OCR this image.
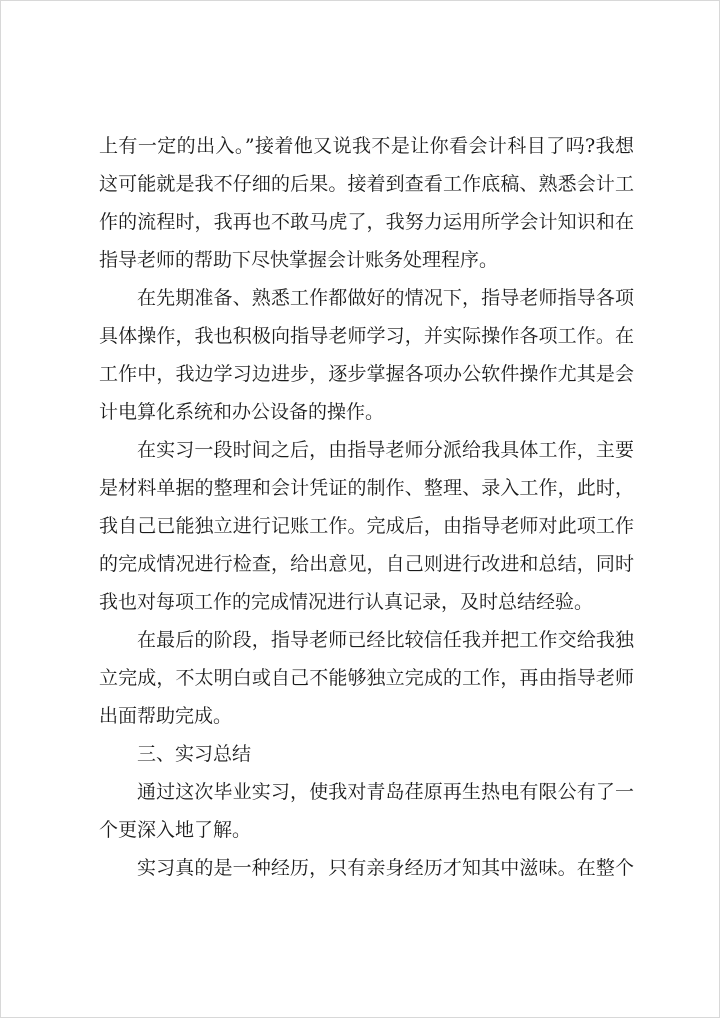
上有一定的出入。”接着他又说我不是让你看会计科目了吗?我想
这可能就是我不仔细的后果。接着到查看工作底稿、熟悉会计工
作的流程时，我再也不敢马虎了，我努力运用所学会计知识和在
指导老师的帮助下尽快掌握会计账务处理程序。
在先期准备、熟悉工作都做好的情况下，指导老师指导各项
具体操作，我也积极向指导老师学习，并实际操作各项工作。在
工作中，我边学习边进步，逐步掌握各项办公软件操作尤其是会
计电算化系统和办公设备的操作。
在实习一段时间之后，由指导老师分派给我具体工作，主要
是材料单据的整理和会计凭证的制作、整理、录入工作，此时，
我自己已能独立进行记账工作。完成后，由指导老师对此项工作
的完成情况进行检查，给出意见，自己则进行改进和总结，同时
我也对每项工作的完成情况进行认真记录，及时总结经验。
在最后的阶段，指导老师已经比较信任我并把工作交给我独
立完成，不太明白或自己不能够独立完成的工作，再由指导老师
出面帮助完成。
三、实习总结
通过这次毕业实习，使我对青岛荏原再生热电有限公有了一
个更深入地了解。
实习真的是一种经历，只有亲身经历才知其中滋味。在整个
